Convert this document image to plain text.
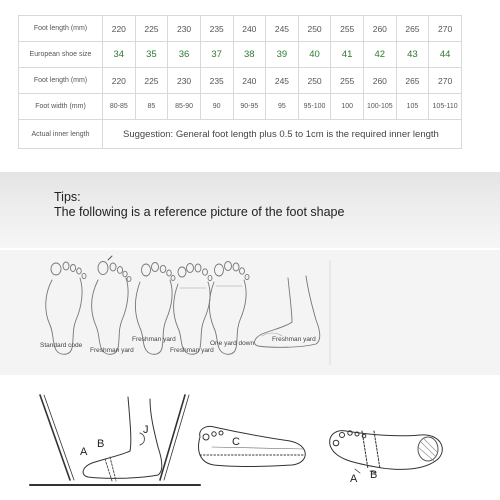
Foot length (mm)	220	225	230	235	240	245	250	255	260	265	270
European shoe size	34	35	36	37	38	39	40	41	42	43	44
Foot length (mm)	220	225	230	235	240	245	250	255	260	265	270
Foot width (mm)	80-85	85	85-90	90	90-95	95	95-100	100	100-105	105	105-110
Actual inner length	Suggestion: General foot length plus 0.5 to 1cm is the required inner length										
Tips:
The following is a reference picture of the foot shape
Standard code
Freshman yard
Freshman yard
Freshman yard
One yard down
Freshman yard
A
B
J
C
A B
